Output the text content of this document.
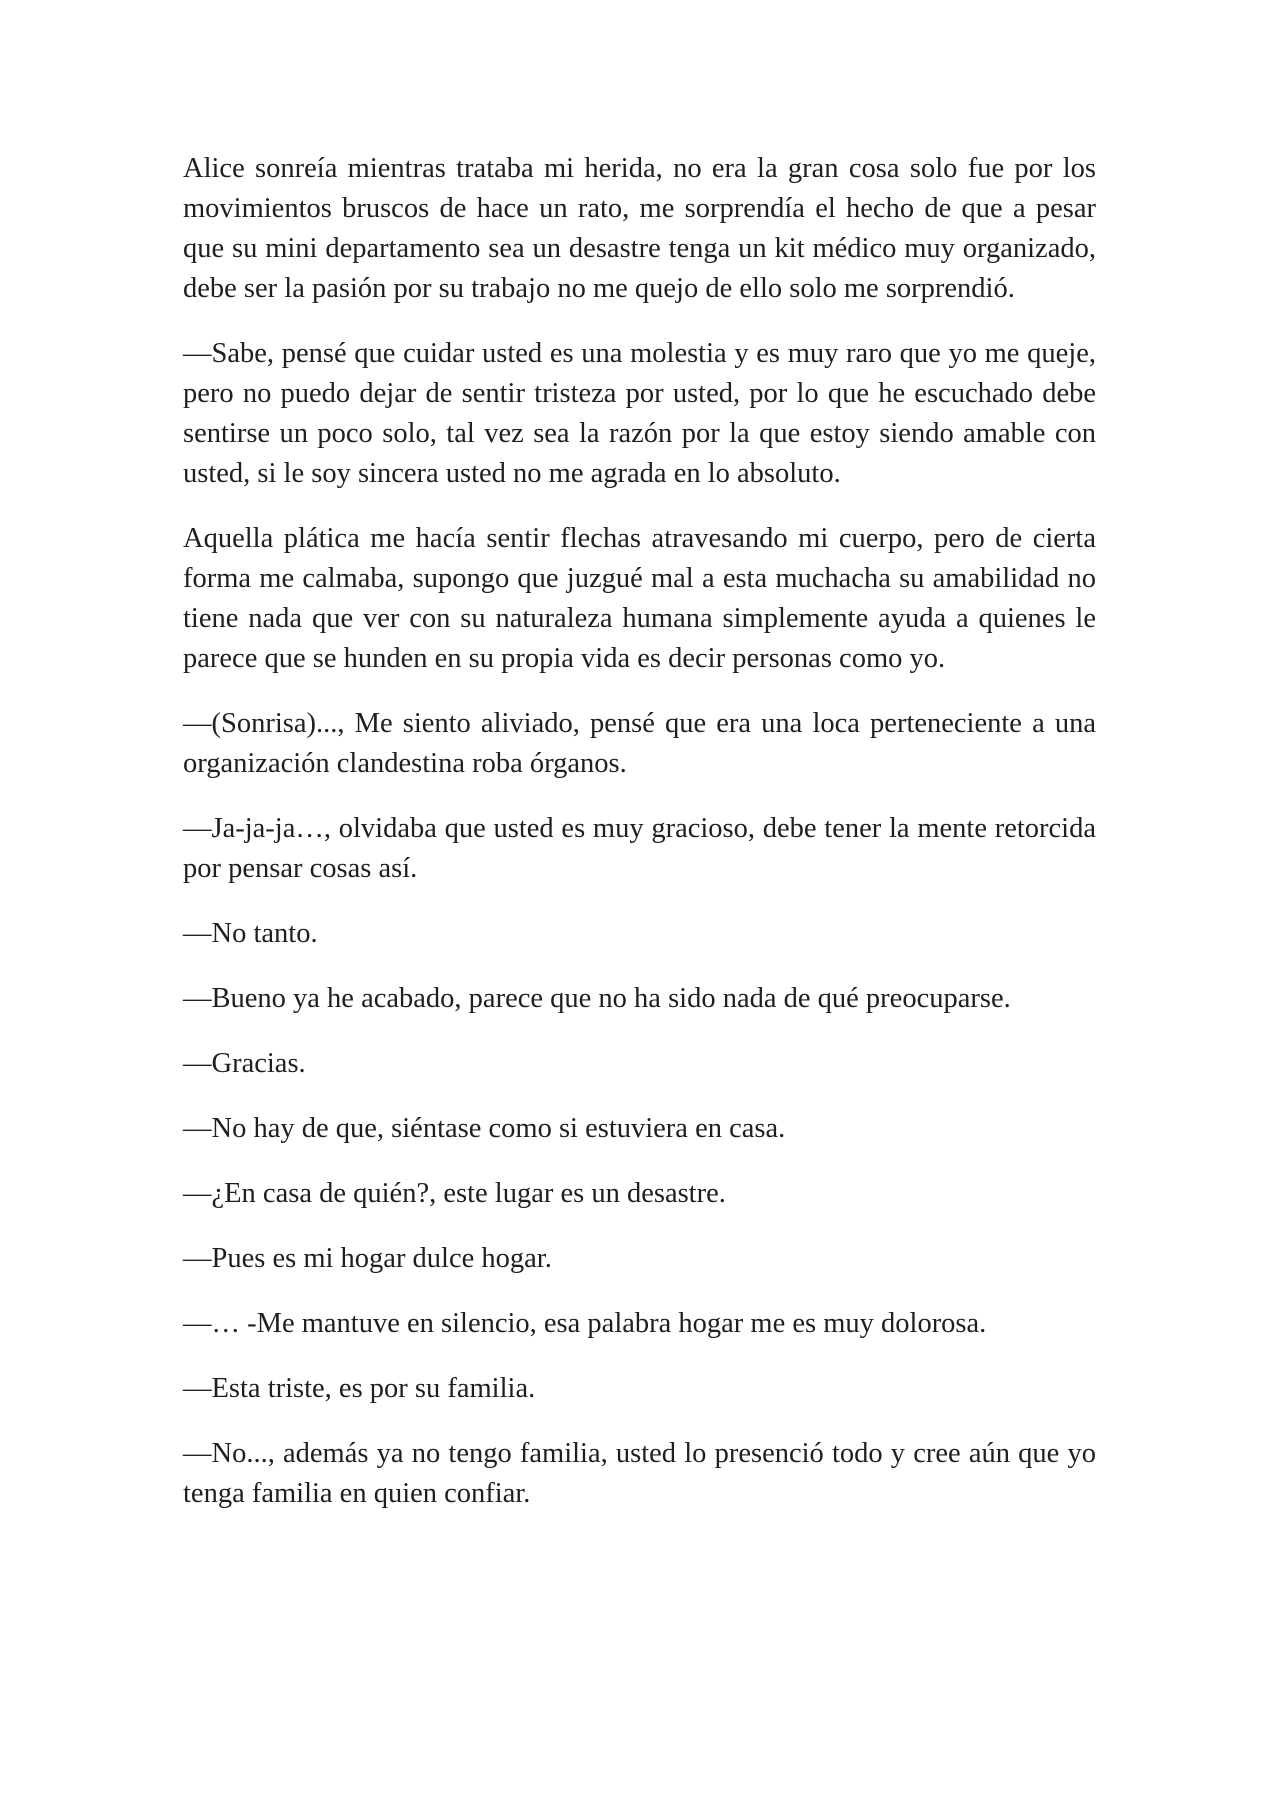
Alice sonreía mientras trataba mi herida, no era la gran cosa solo fue por los movimientos bruscos de hace un rato, me sorprendía el hecho de que a pesar que su mini departamento sea un desastre tenga un kit médico muy organizado, debe ser la pasión por su trabajo no me quejo de ello solo me sorprendió.

—Sabe, pensé que cuidar usted es una molestia y es muy raro que yo me queje, pero no puedo dejar de sentir tristeza por usted, por lo que he escuchado debe sentirse un poco solo, tal vez sea la razón por la que estoy siendo amable con usted, si le soy sincera usted no me agrada en lo absoluto.

Aquella plática me hacía sentir flechas atravesando mi cuerpo, pero de cierta forma me calmaba, supongo que juzgué mal a esta muchacha su amabilidad no tiene nada que ver con su naturaleza humana simplemente ayuda a quienes le parece que se hunden en su propia vida es decir personas como yo.

—(Sonrisa)..., Me siento aliviado, pensé que era una loca perteneciente a una organización clandestina roba órganos.

—Ja-ja-ja…, olvidaba que usted es muy gracioso, debe tener la mente retorcida por pensar cosas así.

—No tanto.

—Bueno ya he acabado, parece que no ha sido nada de qué preocuparse.

—Gracias.

—No hay de que, siéntase como si estuviera en casa.

—¿En casa de quién?, este lugar es un desastre.

—Pues es mi hogar dulce hogar.

—… -Me mantuve en silencio, esa palabra hogar me es muy dolorosa.

—Esta triste, es por su familia.

—No..., además ya no tengo familia, usted lo presenció todo y cree aún que yo tenga familia en quien confiar.
